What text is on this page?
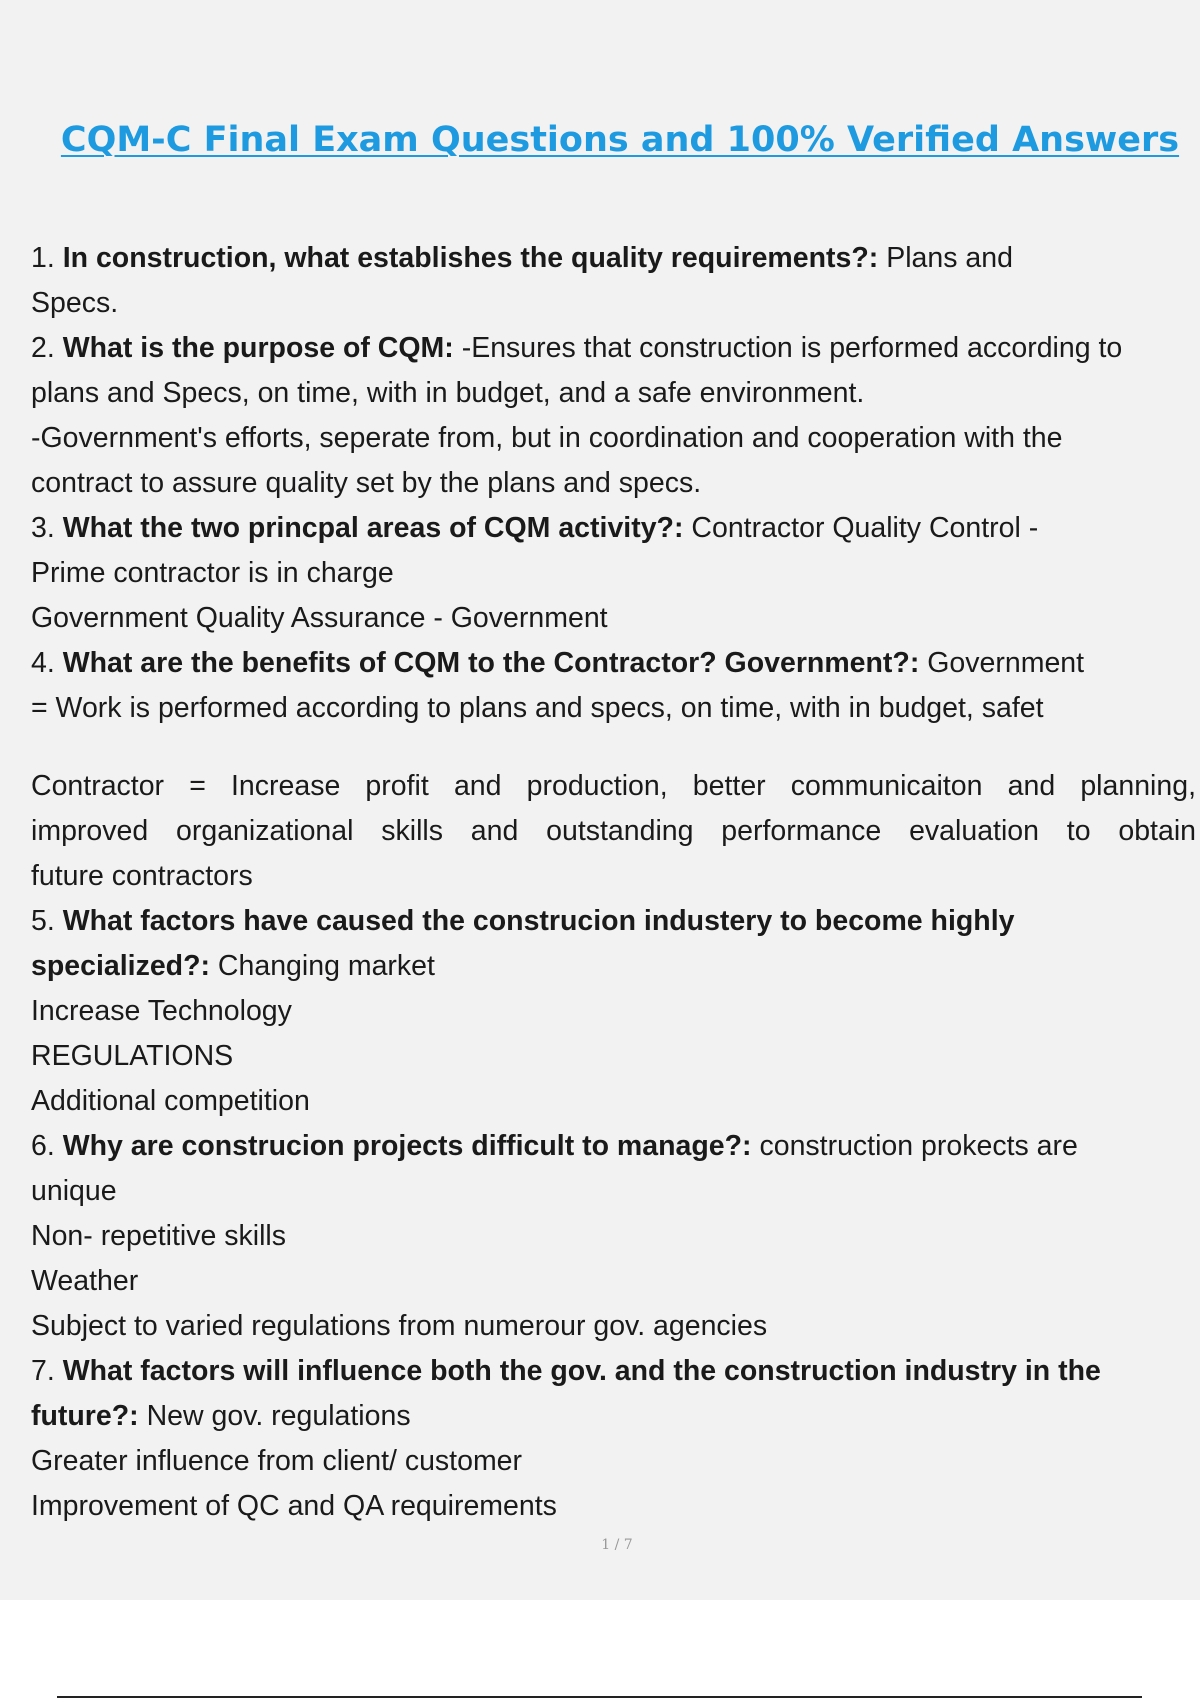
CQM-C Final Exam Questions and 100% Verified Answers

1. In construction, what establishes the quality requirements?: Plans and

Specs.

2. What is the purpose of CQM: -Ensures that construction is performed according to

plans and Specs, on time, with in budget, and a safe environment.

-Government's efforts, seperate from, but in coordination and cooperation with the

contract to assure quality set by the plans and specs.

3. What the two princpal areas of CQM activity?: Contractor Quality Control -

Prime contractor is in charge

Government Quality Assurance - Government

4. What are the benefits of CQM to the Contractor? Government?: Government

= Work is performed according to plans and specs, on time, with in budget, safet

Contractor = Increase profit and production, better communicaiton and planning,

improved organizational skills and outstanding performance evaluation to obtain

future contractors

5. What factors have caused the construcion industery to become highly

specialized?: Changing market

Increase Technology

REGULATIONS

Additional competition

6. Why are construcion projects difficult to manage?: construction prokects are

unique

Non- repetitive skills

Weather

Subject to varied regulations from numerour gov. agencies

7. What factors will influence both the gov. and the construction industry in the

future?: New gov. regulations

Greater influence from client/ customer

Improvement of QC and QA requirements

1 / 7
